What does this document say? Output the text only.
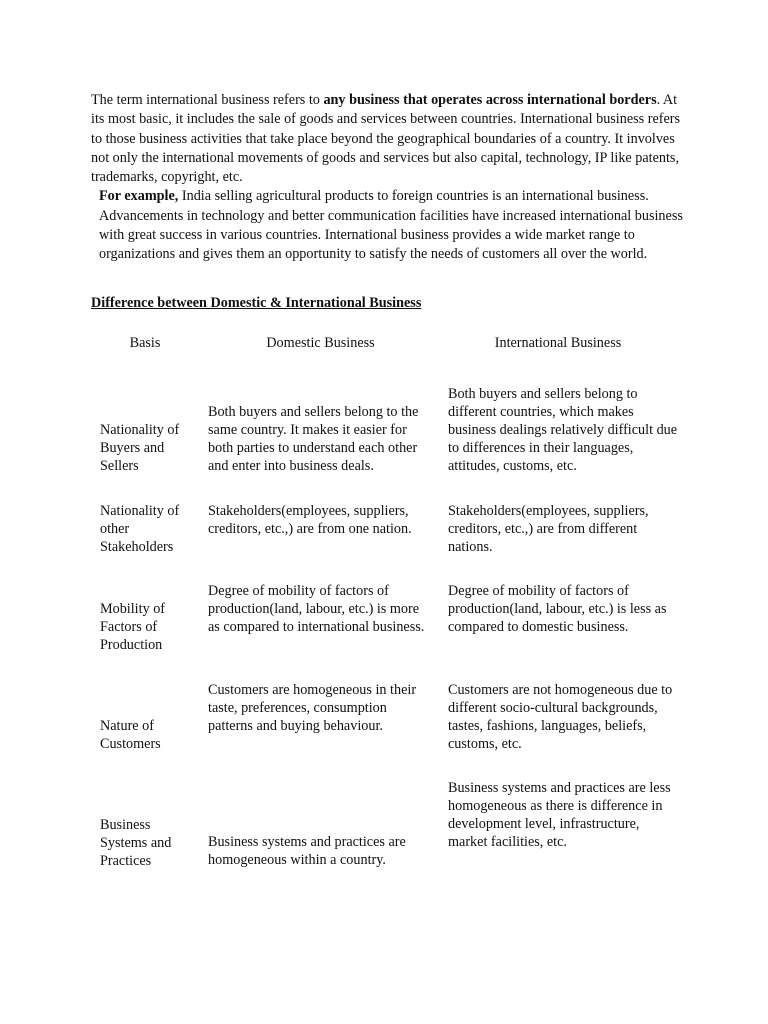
The term international business refers to any business that operates across international borders. At its most basic, it includes the sale of goods and services between countries. International business refers to those business activities that take place beyond the geographical boundaries of a country. It involves not only the international movements of goods and services but also capital, technology, IP like patents, trademarks, copyright, etc.

For example, India selling agricultural products to foreign countries is an international business. Advancements in technology and better communication facilities have increased international business with great success in various countries. International business provides a wide market range to organizations and gives them an opportunity to satisfy the needs of customers all over the world.

Difference between Domestic & International Business
Basis	Domestic Business	International Business
Nationality of Buyers and Sellers
Both buyers and sellers belong to the same country. It makes it easier for both parties to understand each other and enter into business deals.
Both buyers and sellers belong to different countries, which makes business dealings relatively difficult due to differences in their languages, attitudes, customs, etc.
Nationality of other Stakeholders
Stakeholders(employees, suppliers, creditors, etc.,) are from one nation.
Stakeholders(employees, suppliers, creditors, etc.,) are from different nations.
Mobility of Factors of Production
Degree of mobility of factors of production(land, labour, etc.) is more as compared to international business.
Degree of mobility of factors of production(land, labour, etc.) is less as compared to domestic business.
Nature of Customers
Customers are homogeneous in their taste, preferences, consumption patterns and buying behaviour.
Customers are not homogeneous due to different socio-cultural backgrounds, tastes, fashions, languages, beliefs, customs, etc.
Business Systems and Practices
Business systems and practices are homogeneous within a country.
Business systems and practices are less homogeneous as there is difference in development level, infrastructure, market facilities, etc.
